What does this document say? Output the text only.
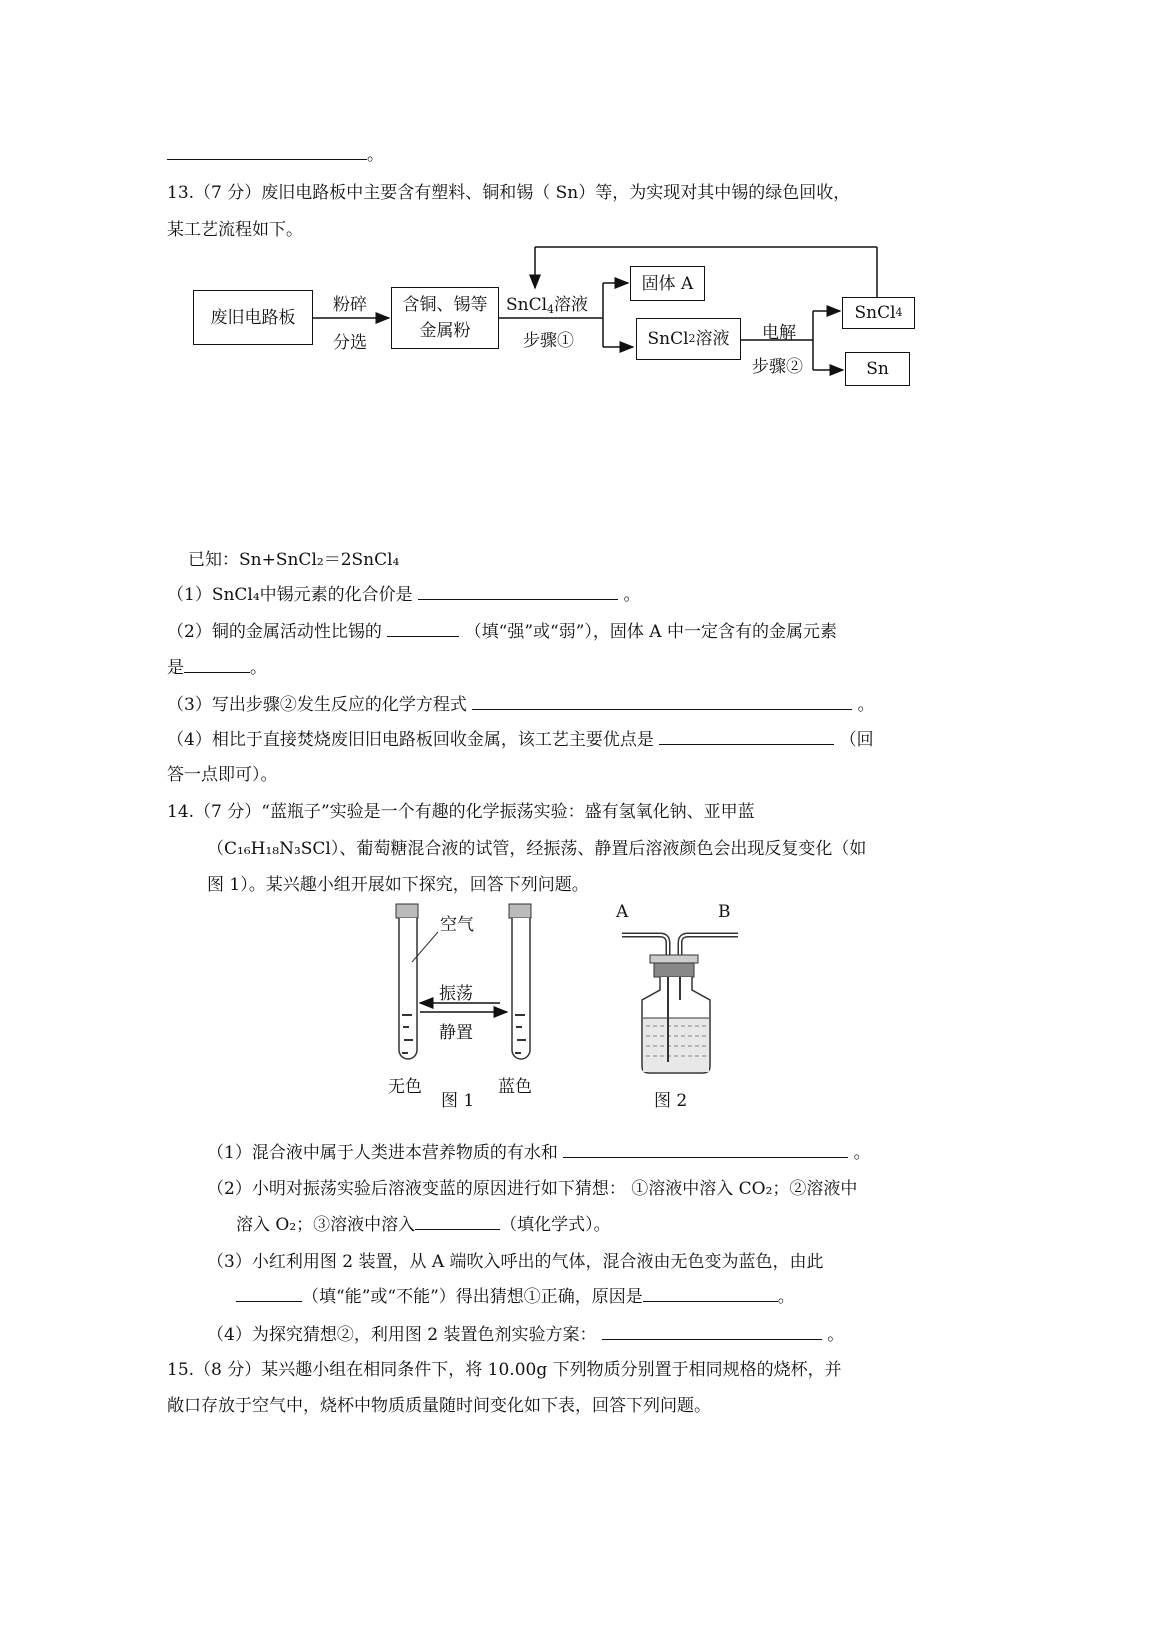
。
13.（7 分）废旧电路板中主要含有塑料、铜和锡（ Sn）等，为实现对其中锡的绿色回收，
某工艺流程如下。
废旧电路板
粉碎
分选
含铜、锡等
金属粉
SnCl$_4$溶液
步骤①
固体 A
SnCl 2 溶液 电解
步骤②
SnCl 4
Sn
已知：Sn+SnCl₂＝2SnCl₄
（1）SnCl₄中锡元素的化合价是	。
（2）铜的金属活动性比锡的	（填“强”或“弱”），固体 A 中一定含有的金属元素
是	。
（3）写出步骤②发生反应的化学方程式	。
（4）相比于直接焚烧废旧旧电路板回收金属，该工艺主要优点是	（回
答一点即可）。
14.（7 分）“蓝瓶子”实验是一个有趣的化学振荡实验：盛有氢氧化钠、亚甲蓝
（C₁₆H₁₈N₃SCl）、葡萄糖混合液的试管，经振荡、静置后溶液颜色会出现反复变化（如
图 1）。某兴趣小组开展如下探究，回答下列问题。
空气
振荡
静置
无色	蓝色
图 1
A	B
图 2
（1）混合液中属于人类进本营养物质的有水和	。
（2）小明对振荡实验后溶液变蓝的原因进行如下猜想： ①溶液中溶入 CO₂；②溶液中
溶入 O₂；③溶液中溶入	（填化学式）。
（3）小红利用图 2 装置，从 A 端吹入呼出的气体，混合液由无色变为蓝色，由此
（填“能”或“不能”）得出猜想①正确，原因是	。
（4）为探究猜想②，利用图 2 装置色剂实验方案：	。
15.（8 分）某兴趣小组在相同条件下，将 10.00g 下列物质分别置于相同规格的烧杯，并
敞口存放于空气中，烧杯中物质质量随时间变化如下表，回答下列问题。
